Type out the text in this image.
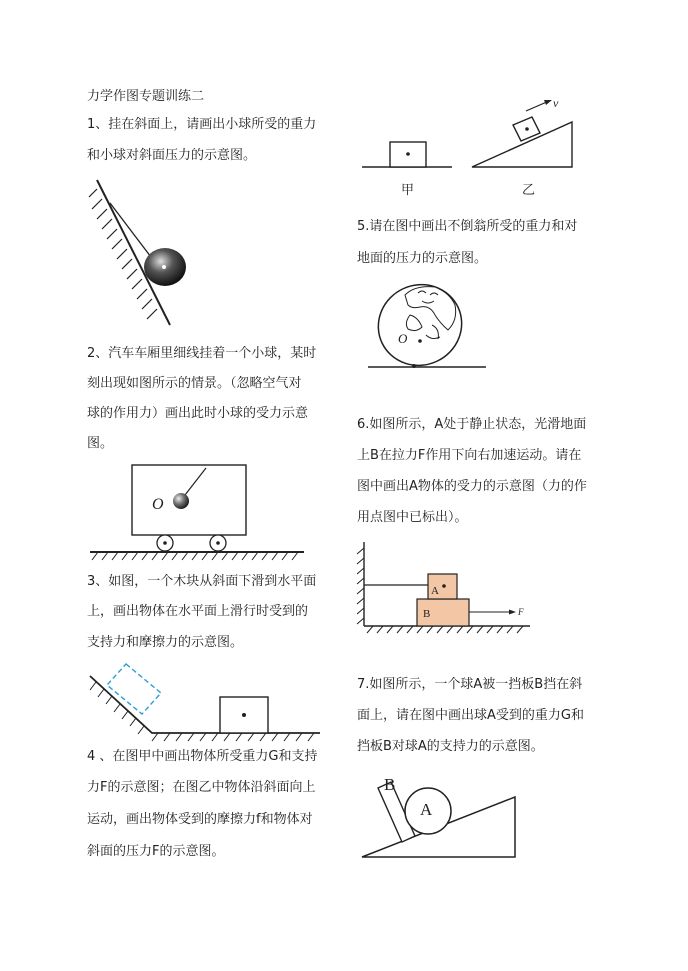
力学作图专题训练二
1、挂在斜面上，请画出小球所受的重力
和小球对斜面压力的示意图。
2、汽车车厢里细线挂着一个小球，某时
刻出现如图所示的情景。（忽略空气对
球的作用力）画出此时小球的受力示意
图。
3、如图，一个木块从斜面下滑到水平面
上，画出物体在水平面上滑行时受到的
支持力和摩擦力的示意图。
4 、在图甲中画出物体所受重力G和支持
力F的示意图；在图乙中物体沿斜面向上
运动，画出物体受到的摩擦力f和物体对
斜面的压力F的示意图。
5.请在图中画出不倒翁所受的重力和对
地面的压力的示意图。
6.如图所示，A处于静止状态，光滑地面
上B在拉力F作用下向右加速运动。请在
图中画出A物体的受力的示意图（力的作
用点图中已标出）。
7.如图所示，一个球A被一挡板B挡在斜
面上，请在图中画出球A受到的重力G和
挡板B对球A的支持力的示意图。
O
甲
v
乙
O
A
B	F
A
B
